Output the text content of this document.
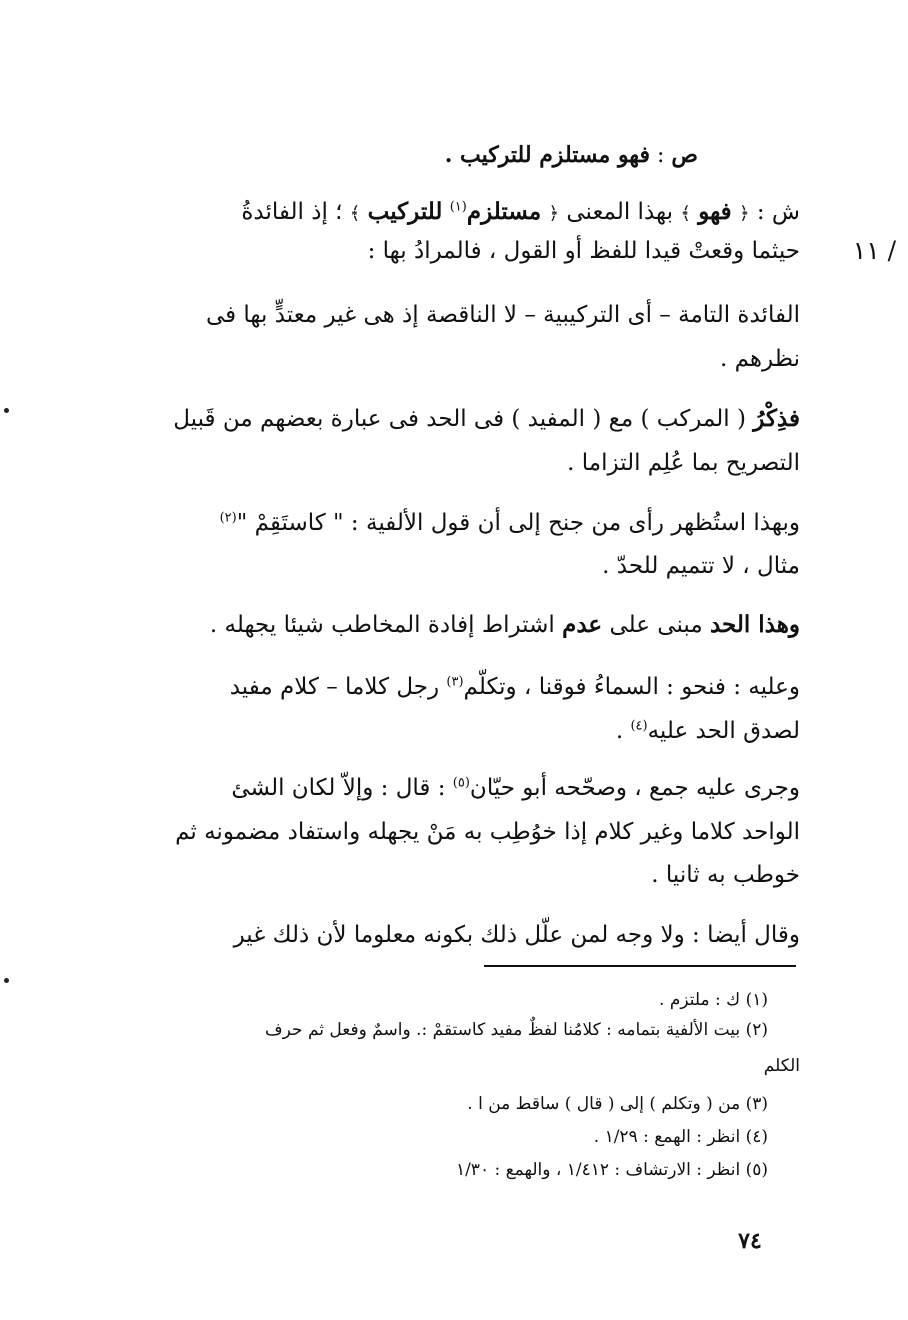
ص : فهو مستلزم للتركيب .
ش : ﴿ فهو ﴾ بهذا المعنى ﴿ مستلزم$^{(١)}$ للتركيب ﴾ ؛ إذ الفائدةُ
١١ /
حيثما وقعتْ قيدا للفظ أو القول ، فالمرادُ بها :
الفائدة التامة – أى التركيبية – لا الناقصة إذ هى غير معتدٍّ بها فى
نظرهم .
فذِكْرُ ( المركب ) مع ( المفيد ) فى الحد فى عبارة بعضهم من قَبيل
التصريح بما عُلِم التزاما .
وبهذا استُظهر رأى من جنح إلى أن قول الألفية : " كاستَقِمْ "$^{(٢)}$
مثال ، لا تتميم للحدّ .
وهذا الحد مبنى على عدم اشتراط إفادة المخاطب شيئا يجهله .
وعليه : فنحو : السماءُ فوقنا ، وتكلّم$^{(٣)}$ رجل كلاما – كلام مفيد
لصدق الحد عليه$^{(٤)}$ .
وجرى عليه جمع ، وصحّحه أبو حيّان$^{(٥)}$ : قال : وإلاّ لكان الشئ
الواحد كلاما وغير كلام إذا خوُطِب به مَنْ يجهله واستفاد مضمونه ثم
خوطب به ثانيا .
وقال أيضا : ولا وجه لمن علّل ذلك بكونه معلوما لأن ذلك غير
(١) ك : ملتزم .
(٢) بيت الألفية بتمامه : كلامُنا لفظٌ مفيد كاستقمْ :. واسمٌ وفعل ثم حرف
الكلم
(٣) من ( وتكلم ) إلى ( قال ) ساقط من ا .
(٤) انظر : الهمع : ١/٢٩ .
(٥) انظر : الارتشاف : ١/٤١٢ ، والهمع : ١/٣٠
٧٤
